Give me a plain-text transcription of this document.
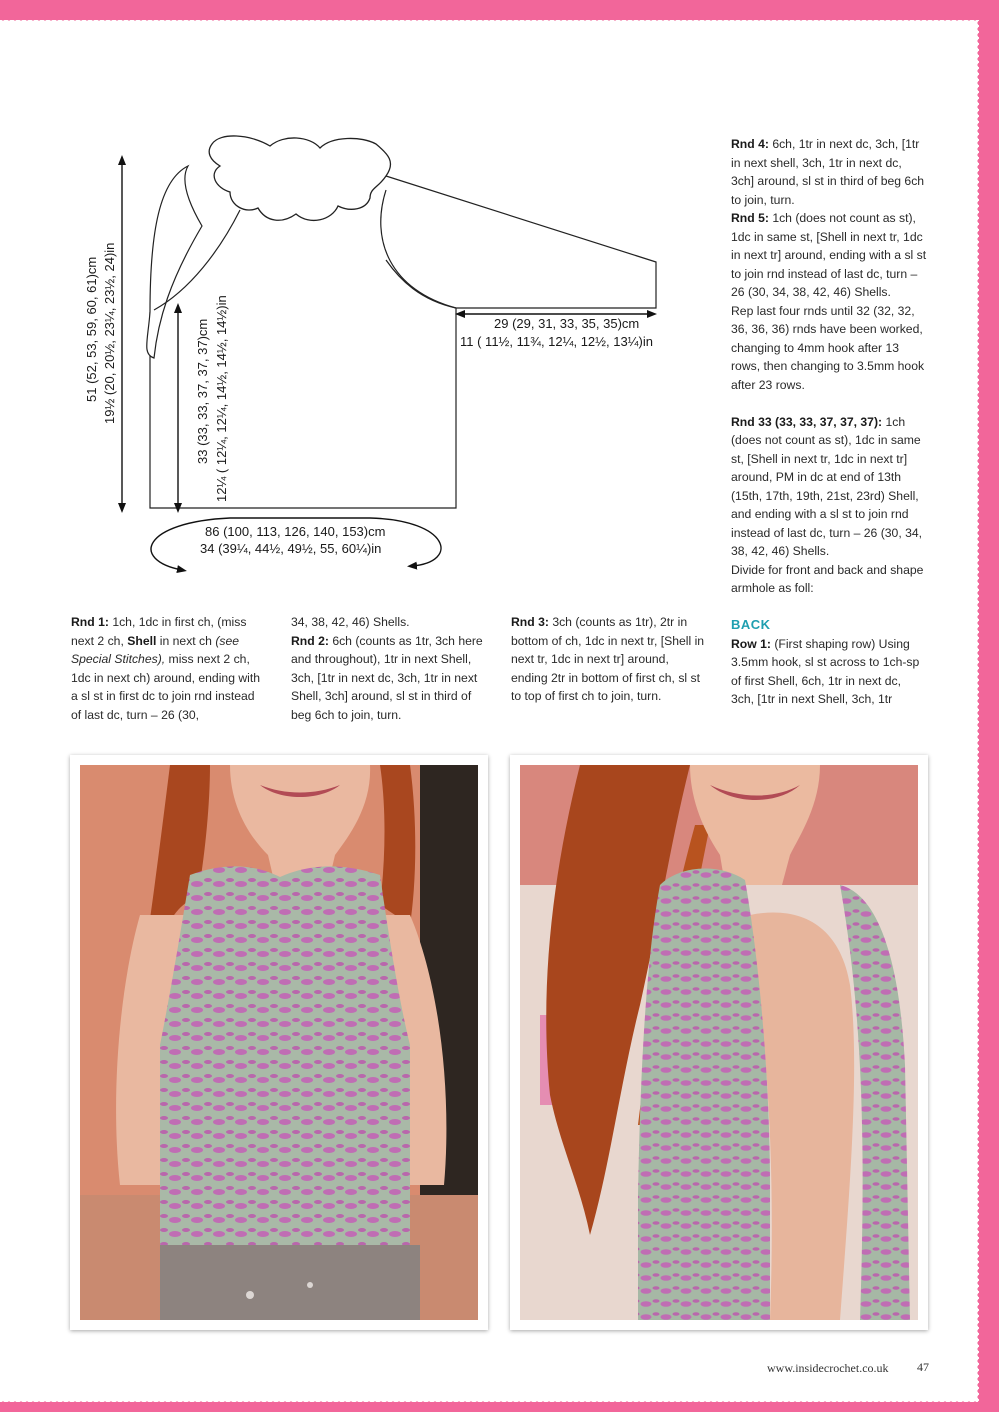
51 (52, 53, 59, 60, 61)cm 19½ (20, 20½, 23¼, 23½, 24)in	33 (33, 33, 37, 37, 37)cm 12¼ ( 12¼, 12¼, 14½, 14½, 14½)in	29 (29, 31, 33, 35, 35)cm
11 ( 11½, 11¾, 12¼, 12½, 13¼)in
86 (100, 113, 126, 140, 153)cm
34 (39¼, 44½, 49½, 55, 60¼)in

Rnd 1: 1ch, 1dc in first ch, (miss next 2 ch, Shell in next ch (see Special Stitches), miss next 2 ch, 1dc in next ch) around, ending with a sl st in first dc to join rnd instead of last dc, turn – 26 (30,

34, 38, 42, 46) Shells.

Rnd 2: 6ch (counts as 1tr, 3ch here and throughout), 1tr in next Shell, 3ch, [1tr in next dc, 3ch, 1tr in next Shell, 3ch] around, sl st in third of beg 6ch to join, turn.

Rnd 3: 3ch (counts as 1tr), 2tr in bottom of ch, 1dc in next tr, [Shell in next tr, 1dc in next tr] around, ending 2tr in bottom of first ch, sl st to top of first ch to join, turn.

Rnd 4: 6ch, 1tr in next dc, 3ch, [1tr in next shell, 3ch, 1tr in next dc, 3ch] around, sl st in third of beg 6ch to join, turn.

Rnd 5: 1ch (does not count as st), 1dc in same st, [Shell in next tr, 1dc in next tr] around, ending with a sl st to join rnd instead of last dc, turn – 26 (30, 34, 38, 42, 46) Shells.

Rep last four rnds until 32 (32, 32, 36, 36, 36) rnds have been worked, changing to 4mm hook after 13 rows, then changing to 3.5mm hook after 23 rows.

Rnd 33 (33, 33, 37, 37, 37): 1ch (does not count as st), 1dc in same st, [Shell in next tr, 1dc in next tr] around, PM in dc at end of 13th (15th, 17th, 19th, 21st, 23rd) Shell, and ending with a sl st to join rnd instead of last dc, turn – 26 (30, 34, 38, 42, 46) Shells.

Divide for front and back and shape armhole as foll:

BACK

Row 1: (First shaping row) Using 3.5mm hook, sl st across to 1ch-sp of first Shell, 6ch, 1tr in next dc, 3ch, [1tr in next Shell, 3ch, 1tr

www.insidecrochet.co.uk 47
